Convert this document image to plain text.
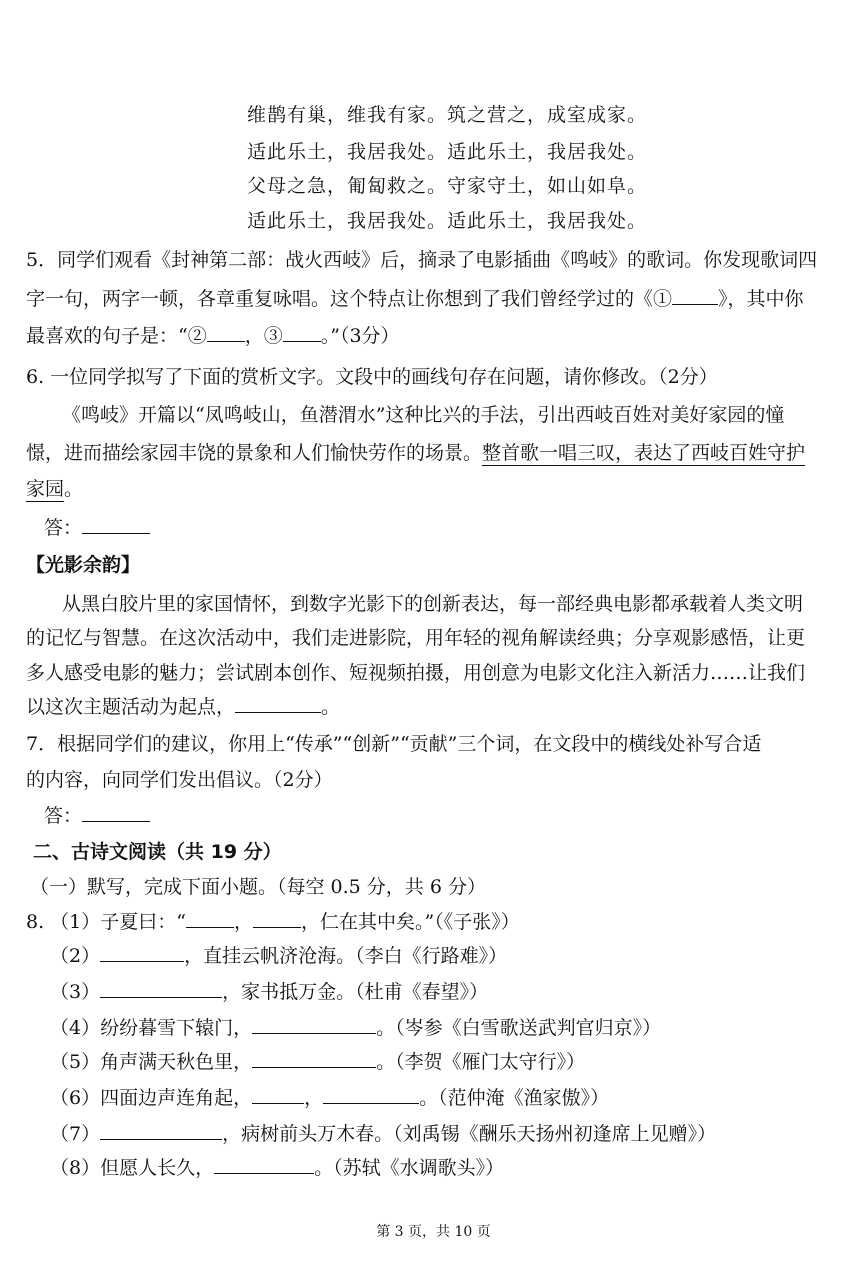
维鹊有巢，维我有家。筑之营之，成室成家。
适此乐土，我居我处。适此乐土，我居我处。
父母之急，匍匐救之。守家守土，如山如阜。
适此乐土，我居我处。适此乐土，我居我处。
5．同学们观看《封神第二部：战火西岐》后，摘录了电影插曲《鸣岐》的歌词。你发现歌词四
字一句，两字一顿，各章重复咏唱。这个特点让你想到了我们曾经学过的《① 》，其中你
最喜欢的句子是：“② ，③ 。”（3分）
6. 一位同学拟写了下面的赏析文字。文段中的画线句存在问题，请你修改。（2分）
《鸣岐》开篇以“凤鸣岐山，鱼潜渭水”这种比兴的手法，引出西岐百姓对美好家园的憧
憬，进而描绘家园丰饶的景象和人们愉快劳作的场景。整首歌一唱三叹，表达了西岐百姓守护
家园。
答：
【光影余韵】
从黑白胶片里的家国情怀，到数字光影下的创新表达，每一部经典电影都承载着人类文明
的记忆与智慧。在这次活动中，我们走进影院，用年轻的视角解读经典；分享观影感悟，让更
多人感受电影的魅力；尝试剧本创作、短视频拍摄，用创意为电影文化注入新活力……让我们
以这次主题活动为起点，	。
7．根据同学们的建议，你用上“传承”“创新”“贡献”三个词，在文段中的横线处补写合适
的内容，向同学们发出倡议。（2分）
答：
二、古诗文阅读（共 19 分）
（一）默写，完成下面小题。（每空 0.5 分，共 6 分）
8. （1）子夏曰：“	，	，仁在其中矣。”（《子张》）
（2）	，直挂云帆济沧海。（李白《行路难》）
（3）	，家书抵万金。（杜甫《春望》）
（4）纷纷暮雪下辕门，	。（岑参《白雪歌送武判官归京》）
（5）角声满天秋色里，	。（李贺《雁门太守行》）
（6）四面边声连角起，	，	。（范仲淹《渔家傲》）
（7）	，病树前头万木春。（刘禹锡《酬乐天扬州初逢席上见赠》）
（8）但愿人长久，	。（苏轼《水调歌头》）
第 3 页，共 10 页
